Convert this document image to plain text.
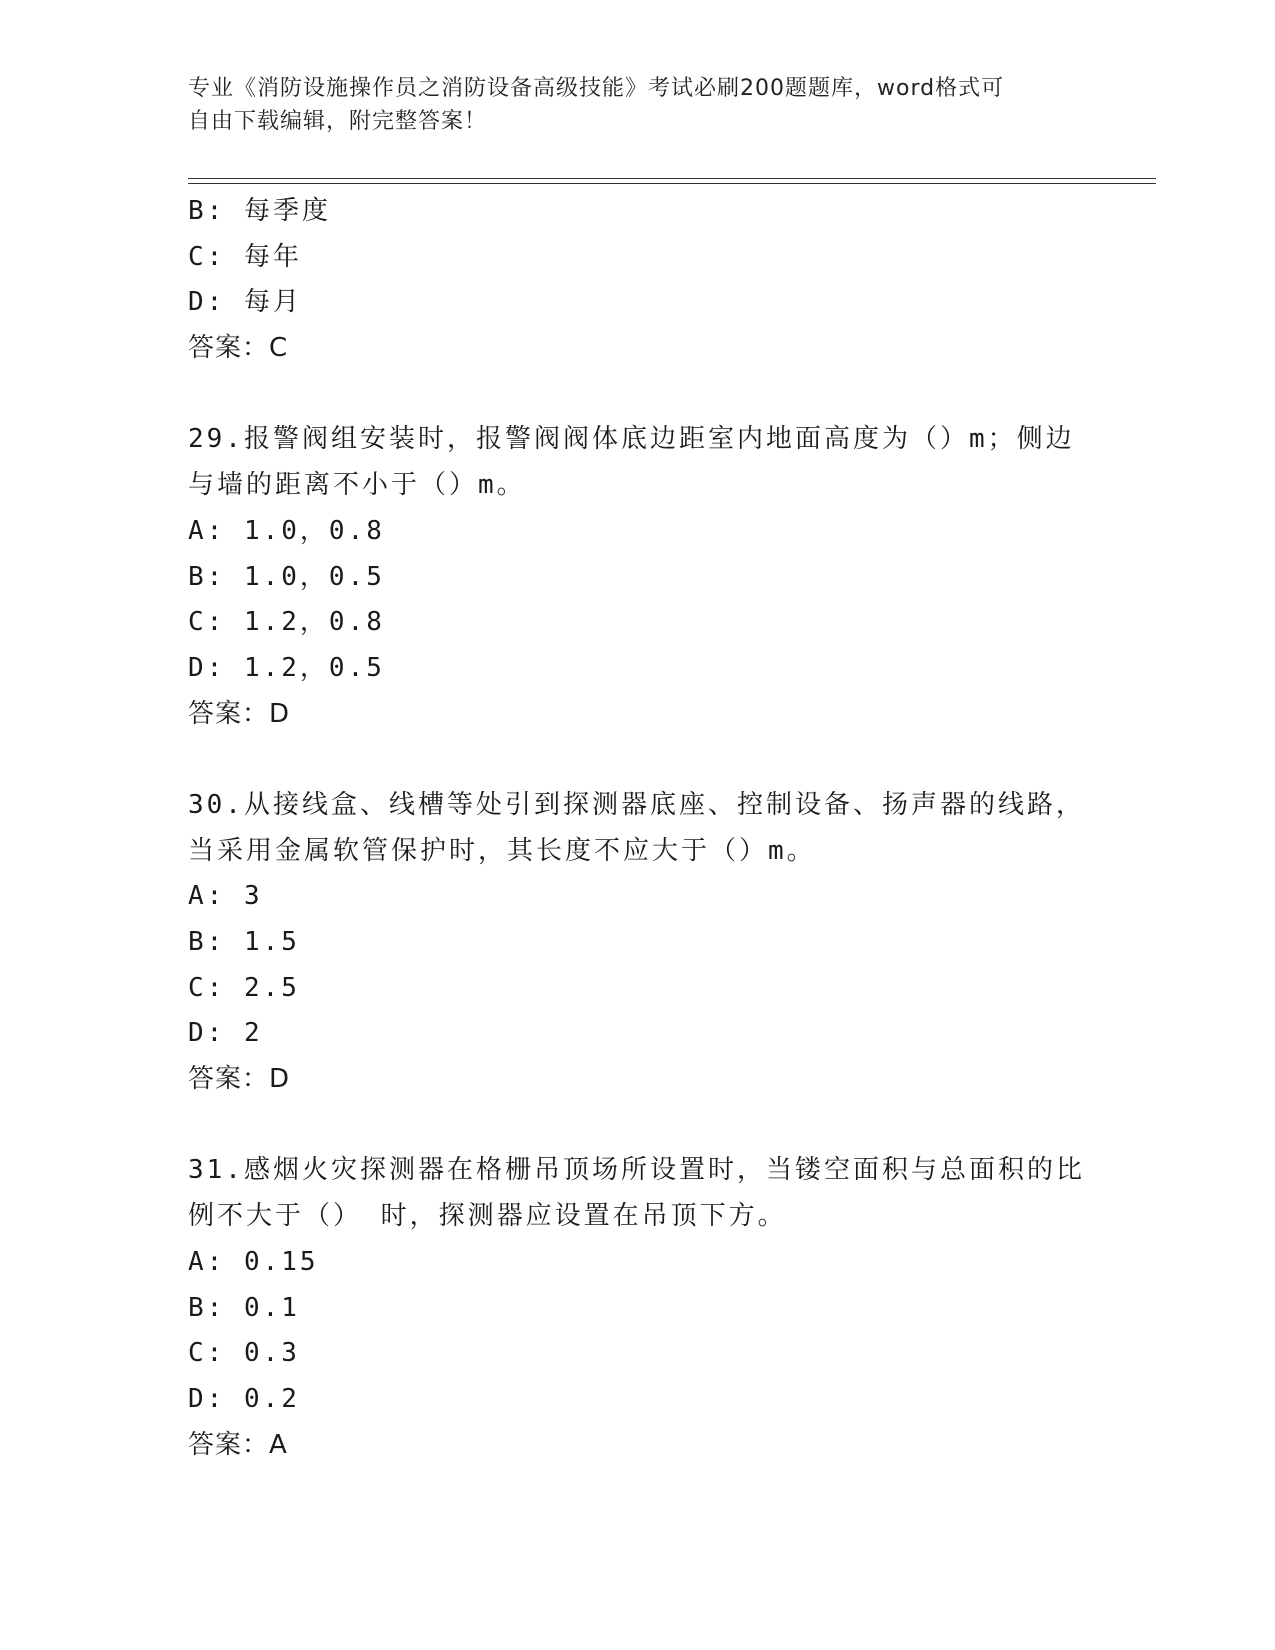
专业《消防设施操作员之消防设备高级技能》考试必刷200题题库，word格式可
自由下载编辑，附完整答案！
B: 每季度
C: 每年
D: 每月
答案：C
29.报警阀组安装时，报警阀阀体底边距室内地面高度为（）m；侧边
与墙的距离不小于（）m。
A: 1.0，0.8
B: 1.0，0.5
C: 1.2，0.8
D: 1.2，0.5
答案：D
30.从接线盒、线槽等处引到探测器底座、控制设备、扬声器的线路，
当采用金属软管保护时，其长度不应大于（）m。
A: 3
B: 1.5
C: 2.5
D: 2
答案：D
31.感烟火灾探测器在格栅吊顶场所设置时，当镂空面积与总面积的比
例不大于（） 时，探测器应设置在吊顶下方。
A: 0.15
B: 0.1
C: 0.3
D: 0.2
答案：A
